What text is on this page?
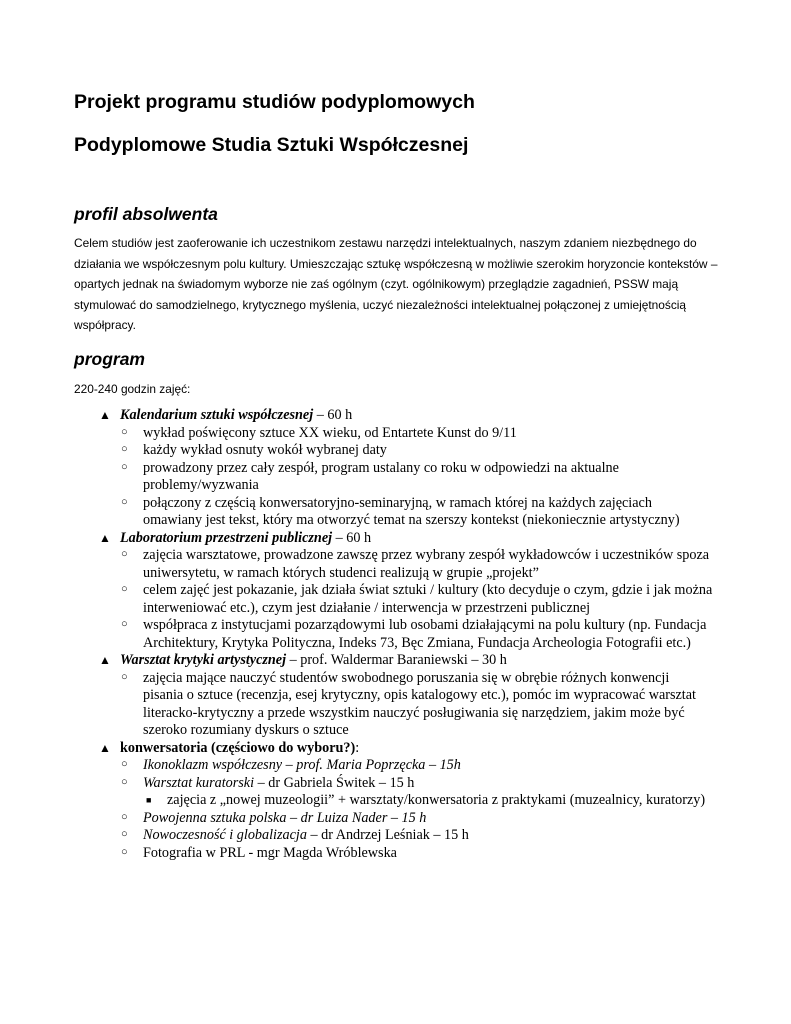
Projekt programu studiów podyplomowych
Podyplomowe Studia Sztuki Współczesnej
profil absolwenta

Celem studiów jest zaoferowanie ich uczestnikom zestawu narzędzi intelektualnych, naszym zdaniem niezbędnego do działania we współczesnym polu kultury. Umieszczając sztukę współczesną w możliwie szerokim horyzoncie kontekstów – opartych jednak na świadomym wyborze nie zaś ogólnym (czyt. ogólnikowym) przeglądzie zagadnień, PSSW mają stymulować do samodzielnego, krytycznego myślenia, uczyć niezależności intelektualnej połączonej z umiejętnością współpracy.

program

220-240 godzin zajęć:

▲ Kalendarium sztuki współczesnej – 60 h
○ wykład poświęcony sztuce XX wieku, od Entartete Kunst do 9/11
○ każdy wykład osnuty wokół wybranej daty
○ prowadzony przez cały zespół, program ustalany co roku w odpowiedzi na aktualne problemy/wyzwania
○ połączony z częścią konwersatoryjno-seminaryjną, w ramach której na każdych zajęciach omawiany jest tekst, który ma otworzyć temat na szerszy kontekst (niekoniecznie artystyczny)
▲ Laboratorium przestrzeni publicznej – 60 h
○ zajęcia warsztatowe, prowadzone zawszę przez wybrany zespół wykładowców i uczestników spoza uniwersytetu, w ramach których studenci realizują w grupie „projekt”
○ celem zajęć jest pokazanie, jak działa świat sztuki / kultury (kto decyduje o czym, gdzie i jak można interweniować etc.), czym jest działanie / interwencja w przestrzeni publicznej
○ współpraca z instytucjami pozarządowymi lub osobami działającymi na polu kultury (np. Fundacja Architektury, Krytyka Polityczna, Indeks 73, Bęc Zmiana, Fundacja Archeologia Fotografii etc.)
▲ Warsztat krytyki artystycznej – prof. Waldermar Baraniewski – 30 h
○ zajęcia mające nauczyć studentów swobodnego poruszania się w obrębie różnych konwencji pisania o sztuce (recenzja, esej krytyczny, opis katalogowy etc.), pomóc im wypracować warsztat literacko-krytyczny a przede wszystkim nauczyć posługiwania się narzędziem, jakim może być szeroko rozumiany dyskurs o sztuce
▲ konwersatoria (częściowo do wyboru?):
○ Ikonoklazm współczesny – prof. Maria Poprzęcka – 15h
○ Warsztat kuratorski – dr Gabriela Świtek – 15 h
■ zajęcia z „nowej muzeologii” + warsztaty/konwersatoria z praktykami (muzealnicy, kuratorzy)
○ Powojenna sztuka polska – dr Luiza Nader – 15 h
○ Nowoczesność i globalizacja – dr Andrzej Leśniak – 15 h
○ Fotografia w PRL - mgr Magda Wróblewska
